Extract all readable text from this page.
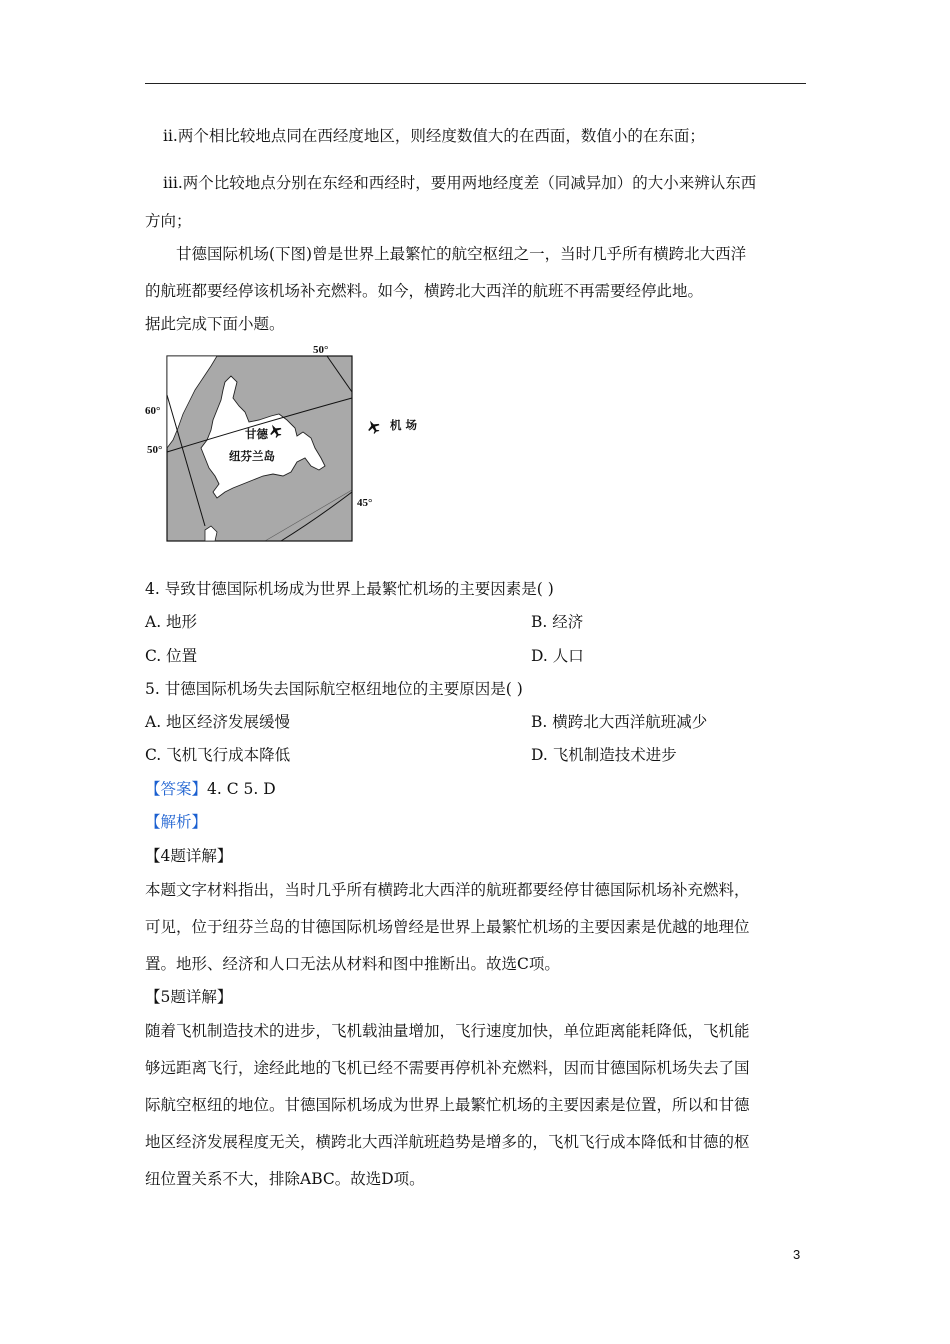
ⅱ.两个相比较地点同在西经度地区，则经度数值大的在西面，数值小的在东面；
ⅲ.两个比较地点分别在东经和西经时，要用两地经度差（同减异加）的大小来辨认东西
方向；
甘德国际机场(下图)曾是世界上最繁忙的航空枢纽之一，当时几乎所有横跨北大西洋
的航班都要经停该机场补充燃料。如今，横跨北大西洋的航班不再需要经停此地。
据此完成下面小题。
50°
60°
50°
45°
甘德
纽芬兰岛
机 场
4. 导致甘德国际机场成为世界上最繁忙机场的主要因素是( )
A. 地形	B. 经济
C. 位置	D. 人口
5. 甘德国际机场失去国际航空枢纽地位的主要原因是( )
A. 地区经济发展缓慢	B. 横跨北大西洋航班减少
C. 飞机飞行成本降低	D. 飞机制造技术进步
【答案】4. C 5. D
【解析】
【4题详解】
本题文字材料指出，当时几乎所有横跨北大西洋的航班都要经停甘德国际机场补充燃料，
可见，位于纽芬兰岛的甘德国际机场曾经是世界上最繁忙机场的主要因素是优越的地理位
置。地形、经济和人口无法从材料和图中推断出。故选C项。
【5题详解】
随着飞机制造技术的进步，飞机载油量增加，飞行速度加快，单位距离能耗降低，飞机能
够远距离飞行，途经此地的飞机已经不需要再停机补充燃料，因而甘德国际机场失去了国
际航空枢纽的地位。甘德国际机场成为世界上最繁忙机场的主要因素是位置，所以和甘德
地区经济发展程度无关，横跨北大西洋航班趋势是增多的，飞机飞行成本降低和甘德的枢
纽位置关系不大，排除ABC。故选D项。
3
